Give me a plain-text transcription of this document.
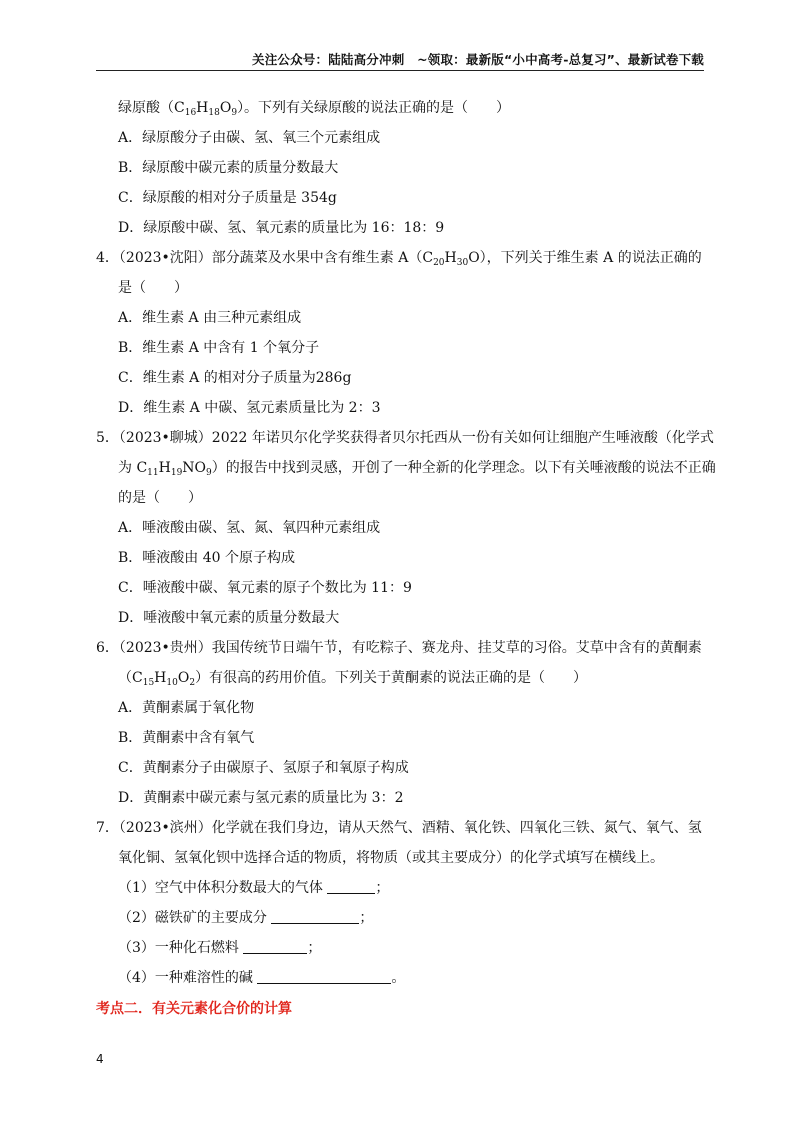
关注公众号：陆陆高分冲刺　~领取：最新版“小中高考-总复习”、最新试卷下载
绿原酸$(C_{16}H_{18}O_9)$。下列有关绿原酸的说法正确的是（　　）
A．绿原酸分子由碳、氢、氧三个元素组成
B．绿原酸中碳元素的质量分数最大
C．绿原酸的相对分子质量是 354g
D．绿原酸中碳、氢、氧元素的质量比为 16：18：9
4．（2023•沈阳）部分蔬菜及水果中含有维生素 $A(C_{20}H_{30}O)$，下列关于维生素 A 的说法正确的
是（　　）
A．维生素 A 由三种元素组成
B．维生素 A 中含有 1 个氧分子
C．维生素 A 的相对分子质量为286g
D．维生素 A 中碳、氢元素质量比为 2：3
5．（2023•聊城）2022 年诺贝尔化学奖获得者贝尔托西从一份有关如何让细胞产生唾液酸（化学式
为 $C_{11}H_{19}NO_9$）的报告中找到灵感，开创了一种全新的化学理念。以下有关唾液酸的说法不正确
的是（　　）
A．唾液酸由碳、氢、氮、氧四种元素组成
B．唾液酸由 40 个原子构成
C．唾液酸中碳、氧元素的原子个数比为 11：9
D．唾液酸中氧元素的质量分数最大
6．（2023•贵州）我国传统节日端午节，有吃粽子、赛龙舟、挂艾草的习俗。艾草中含有的黄酮素
$(C_{15}H_{10}O_2)$有很高的药用价值。下列关于黄酮素的说法正确的是（　　）
A．黄酮素属于氧化物
B．黄酮素中含有氧气
C．黄酮素分子由碳原子、氢原子和氧原子构成
D．黄酮素中碳元素与氢元素的质量比为 3：2
7．（2023•滨州）化学就在我们身边，请从天然气、酒精、氧化铁、四氧化三铁、氮气、氧气、氢
氧化铜、氢氧化钡中选择合适的物质，将物质（或其主要成分）的化学式填写在横线上。
（1）空气中体积分数最大的气体	；
（2）磁铁矿的主要成分	；
（3）一种化石燃料	；
（4）一种难溶性的碱	。
考点二．有关元素化合价的计算
4
